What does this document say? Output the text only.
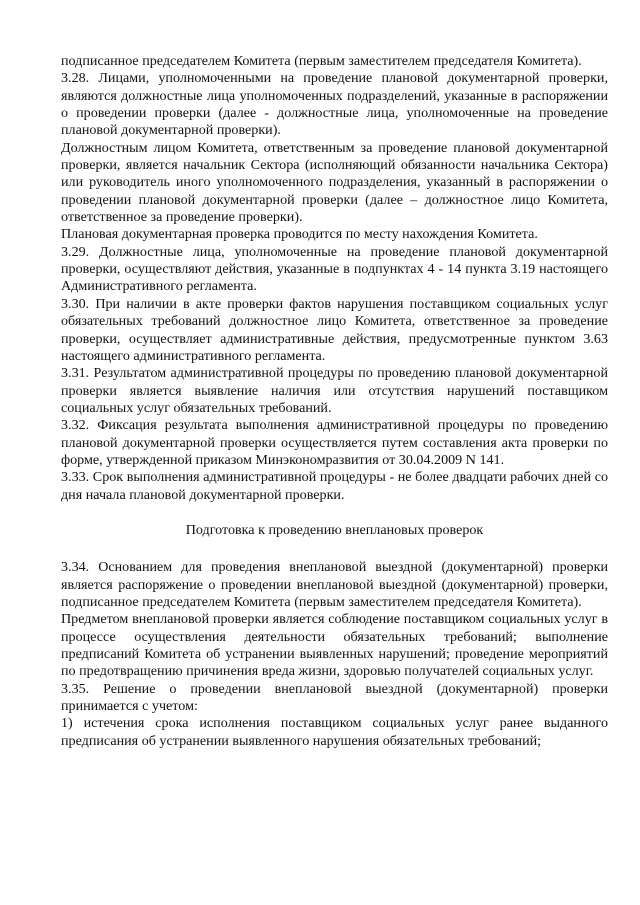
подписанное председателем Комитета (первым заместителем председателя Комитета).

3.28. Лицами, уполномоченными на проведение плановой документарной проверки, являются должностные лица уполномоченных подразделений, указанные в распоряжении о проведении проверки (далее - должностные лица, уполномоченные на проведение плановой документарной проверки).

Должностным лицом Комитета, ответственным за проведение плановой документарной проверки, является начальник Сектора (исполняющий обязанности начальника Сектора) или руководитель иного уполномоченного подразделения, указанный в распоряжении о проведении плановой документарной проверки (далее – должностное лицо Комитета, ответственное за проведение проверки).

Плановая документарная проверка проводится по месту нахождения Комитета.

3.29. Должностные лица, уполномоченные на проведение плановой документарной проверки, осуществляют действия, указанные в подпунктах 4 - 14 пункта 3.19 настоящего Административного регламента.

3.30. При наличии в акте проверки фактов нарушения поставщиком социальных услуг обязательных требований должностное лицо Комитета, ответственное за проведение проверки, осуществляет административные действия, предусмотренные пунктом 3.63 настоящего административного регламента.

3.31. Результатом административной процедуры по проведению плановой документарной проверки является выявление наличия или отсутствия нарушений поставщиком социальных услуг обязательных требований.

3.32. Фиксация результата выполнения административной процедуры по проведению плановой документарной проверки осуществляется путем составления акта проверки по форме, утвержденной приказом Минэкономразвития от 30.04.2009 N 141.

3.33. Срок выполнения административной процедуры - не более двадцати рабочих дней со дня начала плановой документарной проверки.

Подготовка к проведению внеплановых проверок

3.34. Основанием для проведения внеплановой выездной (документарной) проверки является распоряжение о проведении внеплановой выездной (документарной) проверки, подписанное председателем Комитета (первым заместителем председателя Комитета).

Предметом внеплановой проверки является соблюдение поставщиком социальных услуг в процессе осуществления деятельности обязательных требований; выполнение предписаний Комитета об устранении выявленных нарушений; проведение мероприятий по предотвращению причинения вреда жизни, здоровью получателей социальных услуг.

3.35. Решение о проведении внеплановой выездной (документарной) проверки принимается с учетом:

1) истечения срока исполнения поставщиком социальных услуг ранее выданного предписания об устранении выявленного нарушения обязательных требований;
